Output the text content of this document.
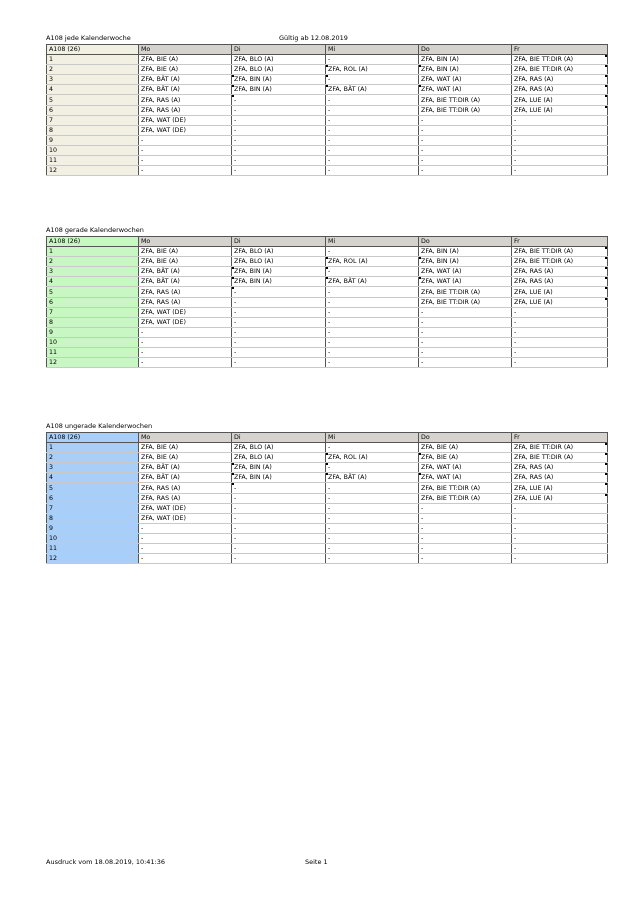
A108 jede Kalenderwoche	Gültig ab 12.08.2019
A108 (26)	Mo	Di	Mi	Do	Fr
1	ZFA, BIE (A)	ZFA, BLO (A)	-	ZFA, BIN (A)	ZFA, BIE TT:DIR (A)

2	ZFA, BIE (A)	ZFA, BLO (A)	ZFA, ROL (A)	ZFA, BIN (A)	ZFA, BIE TT:DIR (A)

3	ZFA, BÄT (A)	ZFA, BIN (A)	-	ZFA, WAT (A)	ZFA, RAS (A)

4	ZFA, BÄT (A)	ZFA, BIN (A)	ZFA, BÄT (A)	ZFA, WAT (A)	ZFA, RAS (A)

5	ZFA, RAS (A)	-	-	ZFA, BIE TT:DIR (A)	ZFA, LUE (A)

6	ZFA, RAS (A)	-	-	ZFA, BIE TT:DIR (A)	ZFA, LUE (A)

7	ZFA, WAT (DE)	-	-	-	-
8	ZFA, WAT (DE)	-	-	-	-
9	-	-	-	-	-
10	-	-	-	-	-
11	-	-	-	-	-
12	-	-	-	-	-
A108 gerade Kalenderwochen
A108 (26)	Mo	Di	Mi	Do	Fr
1	ZFA, BIE (A)	ZFA, BLO (A)	-	ZFA, BIN (A)	ZFA, BIE TT:DIR (A)

2	ZFA, BIE (A)	ZFA, BLO (A)	ZFA, ROL (A)	ZFA, BIN (A)	ZFA, BIE TT:DIR (A)

3	ZFA, BÄT (A)	ZFA, BIN (A)	-	ZFA, WAT (A)	ZFA, RAS (A)

4	ZFA, BÄT (A)	ZFA, BIN (A)	ZFA, BÄT (A)	ZFA, WAT (A)	ZFA, RAS (A)

5	ZFA, RAS (A)	-	-	ZFA, BIE TT:DIR (A)	ZFA, LUE (A)

6	ZFA, RAS (A)	-	-	ZFA, BIE TT:DIR (A)	ZFA, LUE (A)

7	ZFA, WAT (DE)	-	-	-	-
8	ZFA, WAT (DE)	-	-	-	-
9	-	-	-	-	-
10	-	-	-	-	-
11	-	-	-	-	-
12	-	-	-	-	-
A108 ungerade Kalenderwochen
A108 (26)	Mo	Di	Mi	Do	Fr
1	ZFA, BIE (A)	ZFA, BLO (A)	-	ZFA, BIE (A)	ZFA, BIE TT:DIR (A)

2	ZFA, BIE (A)	ZFA, BLO (A)	ZFA, ROL (A)	ZFA, BIE (A)	ZFA, BIE TT:DIR (A)

3	ZFA, BÄT (A)	ZFA, BIN (A)	-	ZFA, WAT (A)	ZFA, RAS (A)

4	ZFA, BÄT (A)	ZFA, BIN (A)	ZFA, BÄT (A)	ZFA, WAT (A)	ZFA, RAS (A)

5	ZFA, RAS (A)	-	-	ZFA, BIE TT:DIR (A)	ZFA, LUE (A)

6	ZFA, RAS (A)	-	-	ZFA, BIE TT:DIR (A)	ZFA, LUE (A)

7	ZFA, WAT (DE)	-	-	-	-
8	ZFA, WAT (DE)	-	-	-	-
9	-	-	-	-	-
10	-	-	-	-	-
11	-	-	-	-	-
12	-	-	-	-	-
Ausdruck vom 18.08.2019, 10:41:36	Seite 1
